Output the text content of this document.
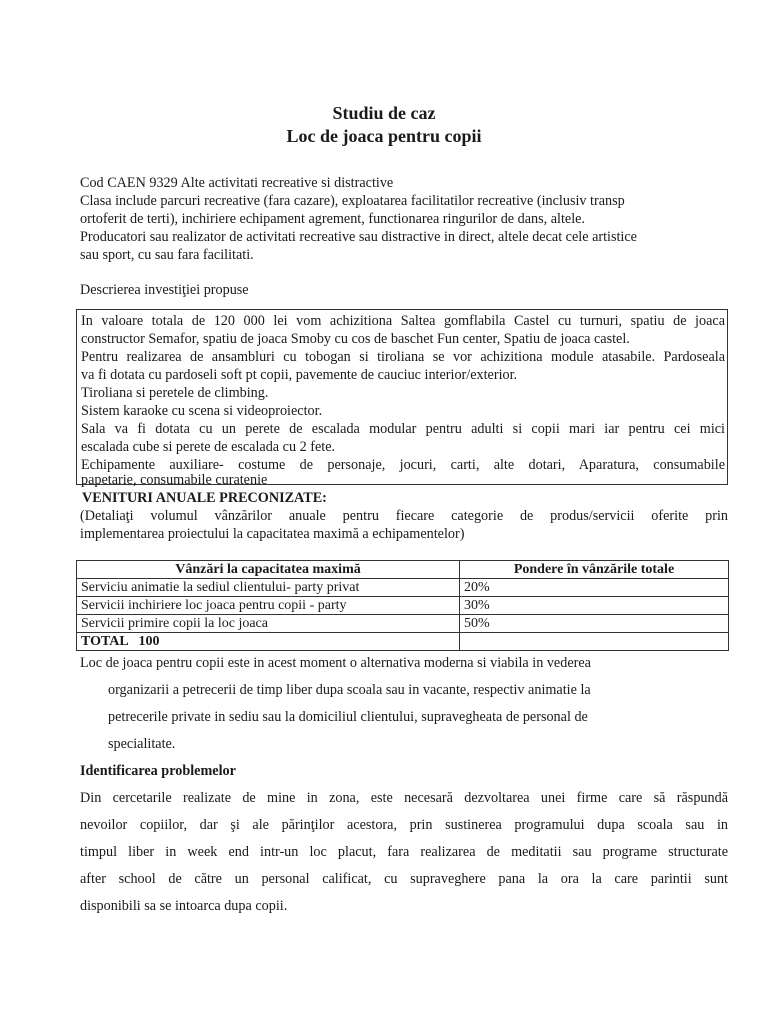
Studiu de caz
Loc de joaca pentru copii
Cod CAEN 9329 Alte activitati recreative si distractive
Clasa include parcuri recreative (fara cazare), exploatarea facilitatilor recreative (inclusiv transp
ortoferit de terti), inchiriere echipament agrement, functionarea ringurilor de dans, altele.
Producatori sau realizator de activitati recreative sau distractive in direct, altele decat cele artistice
sau sport, cu sau fara facilitati.
Descrierea investiţiei propuse
In valoare totala de 120 000 lei vom achizitiona Saltea gomflabila Castel cu turnuri, spatiu de joaca
constructor Semafor, spatiu de joaca Smoby cu cos de baschet Fun center, Spatiu de joaca castel.
Pentru realizarea de ansambluri cu tobogan si tiroliana se vor achizitiona module atasabile. Pardoseala
va fi dotata cu pardoseli soft pt copii, pavemente de cauciuc interior/exterior.
Tiroliana si peretele de climbing.
Sistem karaoke cu scena si videoproiector.
Sala va fi dotata cu un perete de escalada modular pentru adulti si copii mari iar pentru cei mici
escalada cube si perete de escalada cu 2 fete.
Echipamente auxiliare- costume de personaje, jocuri, carti, alte dotari, Aparatura, consumabile
papetarie, consumabile curatenie
VENITURI ANUALE PRECONIZATE:
(Detaliaţi volumul vânzărilor anuale pentru fiecare categorie de produs/servicii oferite prin
implementarea proiectului la capacitatea maximă a echipamentelor)
Vânzări la capacitatea maximă	Pondere în vânzările totale
Serviciu animatie la sediul clientului- party privat	20%
Servicii inchiriere loc joaca pentru copii - party	30%
Servicii primire copii la loc joaca	50%
TOTAL   100	
Loc de joaca pentru copii este in acest moment o alternativa moderna si viabila in vederea
organizarii a petrecerii de timp liber dupa scoala sau in vacante, respectiv animatie la
petrecerile private in sediu sau la domiciliul clientului, supravegheata de personal de
specialitate.
Identificarea problemelor
Din cercetarile realizate de mine in zona, este necesară dezvoltarea unei firme care să răspundă
nevoilor copiilor, dar şi ale părinţilor acestora, prin sustinerea programului dupa scoala sau in
timpul liber in week end intr-un loc placut, fara realizarea de meditatii sau programe structurate
after school de către un personal calificat, cu supraveghere pana la ora la care parintii sunt
disponibili sa se intoarca dupa copii.
